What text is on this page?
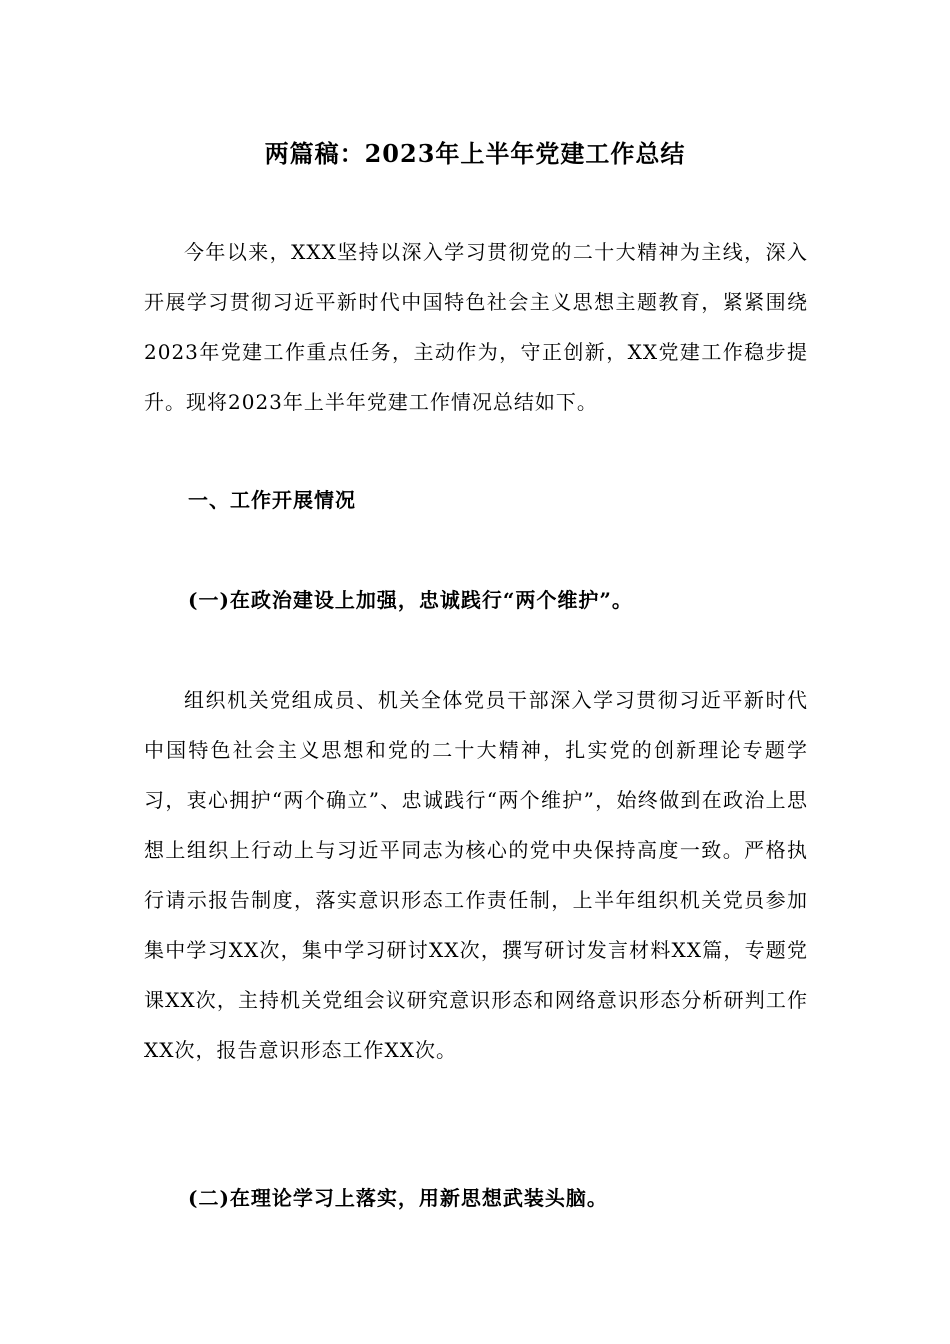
两篇稿：2023年上半年党建工作总结

今年以来，XXX坚持以深入学习贯彻党的二十大精神为主线，深入开展学习贯彻习近平新时代中国特色社会主义思想主题教育，紧紧围绕2023年党建工作重点任务，主动作为，守正创新，XX党建工作稳步提升。现将2023年上半年党建工作情况总结如下。

一、工作开展情况

(一)在政治建设上加强，忠诚践行“两个维护”。

组织机关党组成员、机关全体党员干部深入学习贯彻习近平新时代中国特色社会主义思想和党的二十大精神，扎实党的创新理论专题学习，衷心拥护“两个确立”、忠诚践行“两个维护”，始终做到在政治上思想上组织上行动上与习近平同志为核心的党中央保持高度一致。严格执行请示报告制度，落实意识形态工作责任制，上半年组织机关党员参加集中学习XX次，集中学习研讨XX次，撰写研讨发言材料XX篇，专题党课XX次，主持机关党组会议研究意识形态和网络意识形态分析研判工作XX次，报告意识形态工作XX次。

(二)在理论学习上落实，用新思想武装头脑。
